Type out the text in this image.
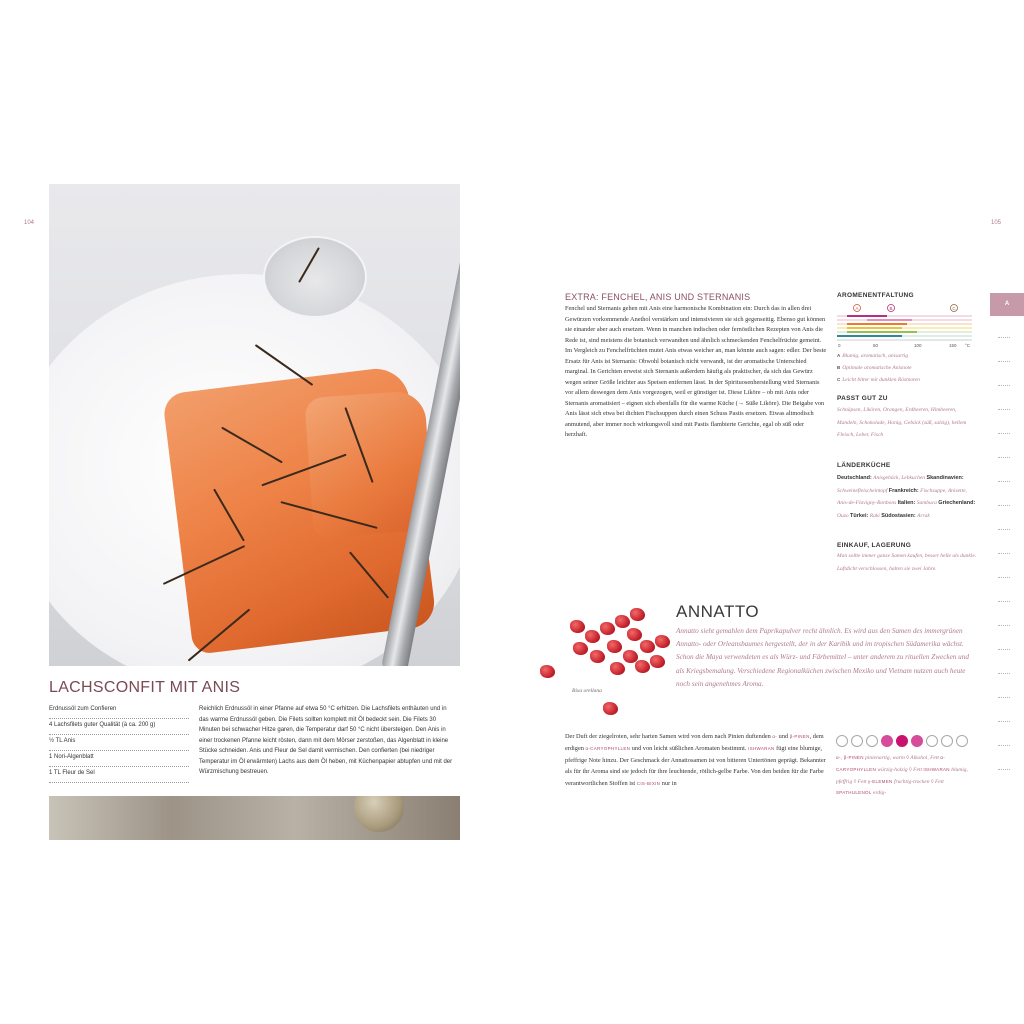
104	105
LACHSCONFIT MIT ANIS
Erdnussöl zum Confieren
4 Lachsfilets guter Qualität (à ca. 200 g)
½ TL Anis
1 Nori-Algenblatt
1 TL Fleur de Sel

Reichlich Erdnussöl in einer Pfanne auf etwa 50 °C erhitzen. Die Lachsfilets enthäuten und in das warme Erdnussöl geben. Die Filets sollten komplett mit Öl bedeckt sein. Die Filets 30 Minuten bei schwacher Hitze garen, die Temperatur darf 50 °C nicht übersteigen. Den Anis in einer trockenen Pfanne leicht rösten, dann mit dem Mörser zerstoßen, das Algenblatt in kleine Stücke schneiden. Anis und Fleur de Sel damit vermischen. Den confierten (bei niedriger Temperatur im Öl erwärmten) Lachs aus dem Öl heben, mit Küchenpapier abtupfen und mit der Würzmischung bestreuen.

A
EXTRA: FENCHEL, ANIS UND STERNANIS

Fenchel und Sternanis gehen mit Anis eine harmonische Kombination ein: Durch das in allen drei Gewürzen vorkommende Anethol verstärken und intensivieren sie sich gegenseitig. Ebenso gut können sie einander aber auch ersetzen. Wenn in manchen indischen oder fernöstlichen Rezepten von Anis die Rede ist, sind meistens die botanisch verwandten und ähnlich schmeckenden Fenchelfrüchte gemeint. Im Vergleich zu Fenchelfrüchten mutet Anis etwas weicher an, man könnte auch sagen: edler. Der beste Ersatz für Anis ist Sternanis: Obwohl botanisch nicht verwandt, ist der aromatische Unterschied marginal. In Gerichten erweist sich Sternanis außerdem häufig als praktischer, da sich das Gewürz wegen seiner Größe leichter aus Speisen entfernen lässt. In der Spirituosenherstellung wird Sternanis vor allem deswegen dem Anis vorgezogen, weil er günstiger ist. Diese Liköre – ob mit Anis oder Sternanis aromatisiert – eignen sich ebenfalls für die warme Küche (→ Süße Liköre). Die Beigabe von Anis lässt sich etwa bei dichten Fischsuppen durch einen Schuss Pastis ersetzen. Etwas altmodisch anmutend, aber immer noch wirkungsvoll sind mit Pastis flambierte Gerichte, egal ob süß oder herzhaft.

AROMENENTFALTUNG
A	B	C
0	50	100	150 °C
A Blumig, aromatisch, anisartig
B Optimale aromatische Anisnote
C Leicht bitter mit dunklen Röstnoten
PASST GUT ZU

Schnäpsen, Likören, Orangen, Erdbeeren, Himbeeren, Mandeln, Schokolade, Honig, Gebäck (süß, salzig), hellem Fleisch, Leber, Fisch

LÄNDERKÜCHE

Deutschland: Anisgebäck, Lebkuchen Skandinavien: Schweinefleischeintopf Frankreich: Fischsuppe, Anisette, Anis-de-Flavigny-Bonbons Italien: Sambuca Griechenland: Ouzo Türkei: Raki Südostasien: Arrak

EINKAUF, LAGERUNG

Man sollte immer ganze Samen kaufen, besser helle als dunkle. Luftdicht verschlossen, halten sie zwei Jahre.

Bixa orellana
ANNATTO

Annatto sieht gemahlen dem Paprikapulver recht ähnlich. Es wird aus den Samen des immergrünen Annatto- oder Orleansbaumes hergestellt, der in der Karibik und im tropischen Südamerika wächst. Schon die Maya verwendeten es als Würz- und Färbemittel – unter anderem zu rituellen Zwecken und als Kriegsbemalung. Verschiedene Regionalküchen zwischen Mexiko und Vietnam nutzen auch heute noch sein angenehmes Aroma.

Der Duft der ziegelroten, sehr harten Samen wird von dem nach Pinien duftenden α- und β-PINEN, dem erdigen α-CARYOPHYLLEN und von leicht süßlichen Aromaten bestimmt. ISHWARAN fügt eine blumige, pfeffrige Note hinzu. Der Geschmack der Annattosamen ist von bitteren Untertönen geprägt. Bekannter als für ihr Aroma sind sie jedoch für ihre leuchtende, rötlich-gelbe Farbe. Von den beiden für die Farbe verantwortlichen Stoffen ist CIS-BIXIN nur in

α-, β-PINEN pinienartig, warm ◊ Alkohol, Fett α-CARYOPHYLLEN würzig-holzig ◊ Fett ISHWARAN blumig, pfeffrig ◊ Fett γ-ELEMEN fruchtig-trocken ◊ Fett SPATHULENOL erdig-
